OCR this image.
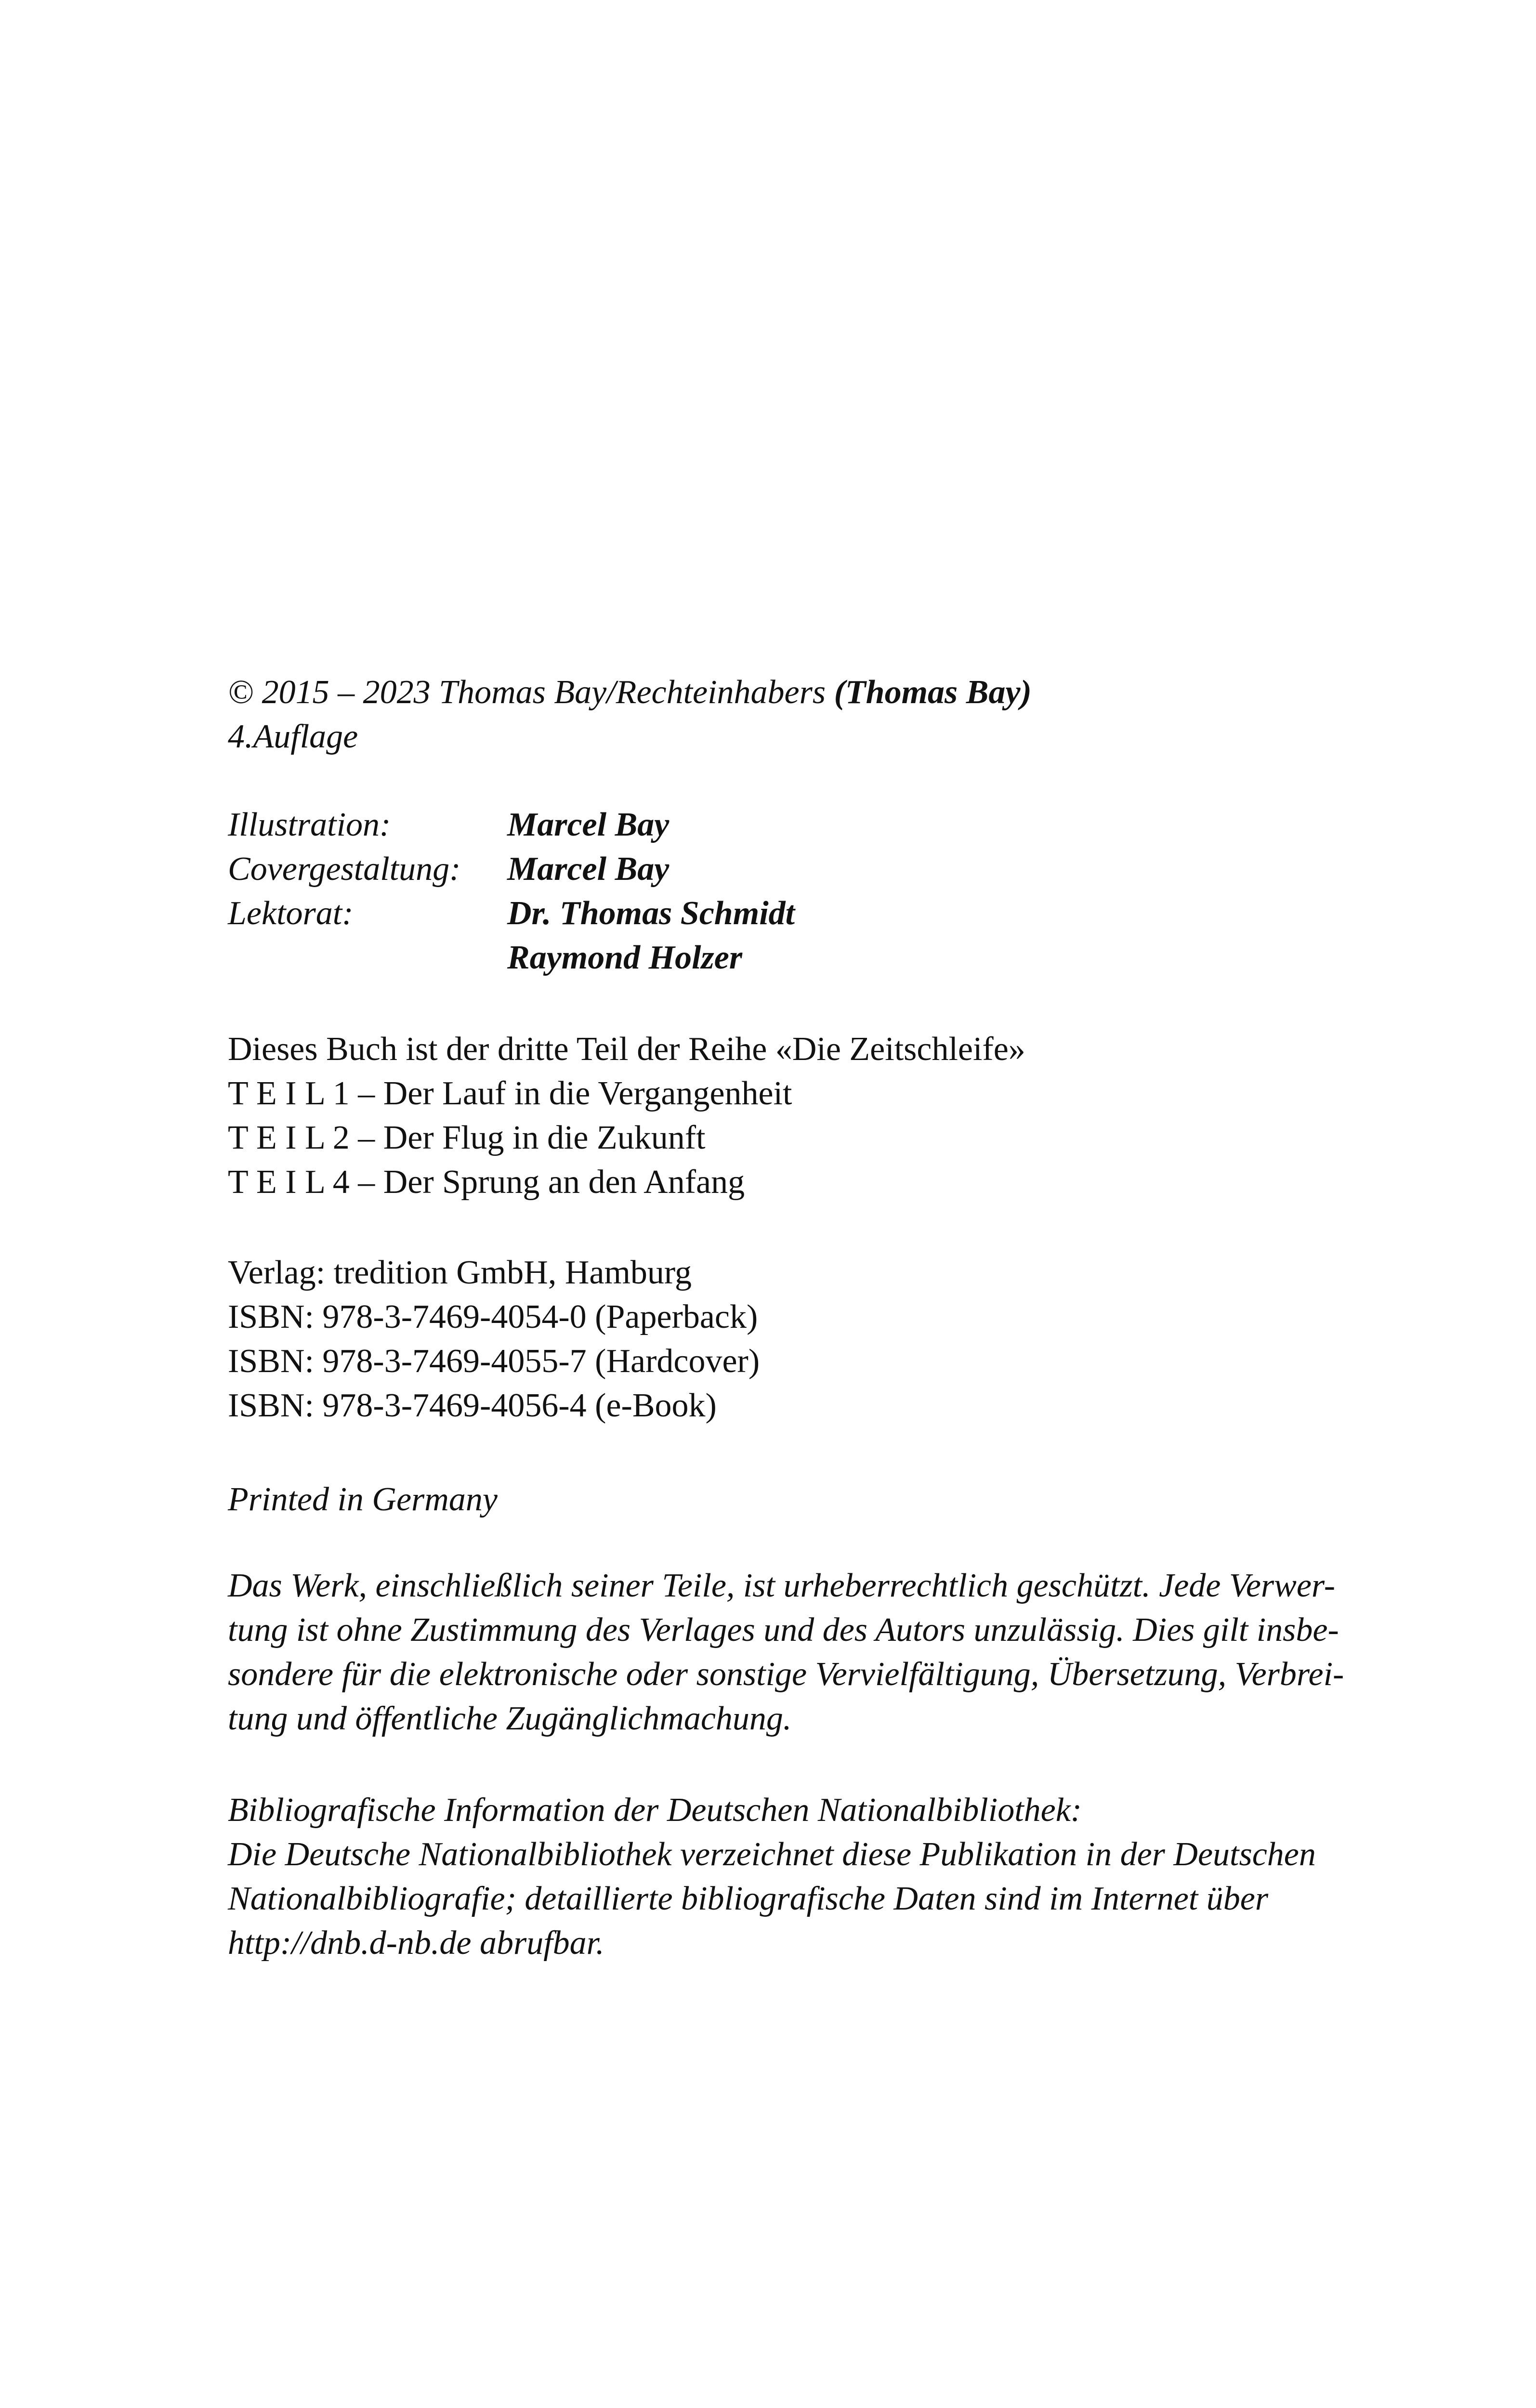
© 2015 – 2023 Thomas Bay/Rechteinhabers (Thomas Bay)
4.Auflage
Illustration:	Marcel Bay
Covergestaltung:	Marcel Bay
Lektorat:	Dr. Thomas Schmidt
Raymond Holzer
Dieses Buch ist der dritte Teil der Reihe «Die Zeitschleife»
T E I L 1 – Der Lauf in die Vergangenheit
T E I L 2 – Der Flug in die Zukunft
T E I L 4 – Der Sprung an den Anfang
Verlag: tredition GmbH, Hamburg
ISBN: 978-3-7469-4054-0 (Paperback)
ISBN: 978-3-7469-4055-7 (Hardcover)
ISBN: 978-3-7469-4056-4 (e-Book)
Printed in Germany
Das Werk, einschließlich seiner Teile, ist urheberrechtlich geschützt. Jede Verwer-
tung ist ohne Zustimmung des Verlages und des Autors unzulässig. Dies gilt insbe-
sondere für die elektronische oder sonstige Vervielfältigung, Übersetzung, Verbrei-
tung und öffentliche Zugänglichmachung.
Bibliografische Information der Deutschen Nationalbibliothek:
Die Deutsche Nationalbibliothek verzeichnet diese Publikation in der Deutschen
Nationalbibliografie; detaillierte bibliografische Daten sind im Internet über
http://dnb.d-nb.de abrufbar.
